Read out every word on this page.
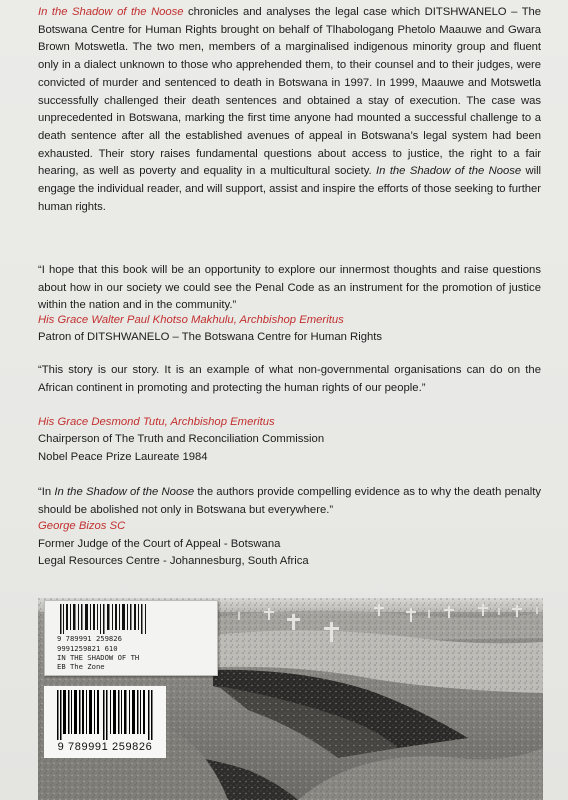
In the Shadow of the Noose chronicles and analyses the legal case which DITSHWANELO – The Botswana Centre for Human Rights brought on behalf of Tlhabologang Phetolo Maauwe and Gwara Brown Motswetla. The two men, members of a marginalised indigenous minority group and fluent only in a dialect unknown to those who apprehended them, to their counsel and to their judges, were convicted of murder and sentenced to death in Botswana in 1997. In 1999, Maauwe and Motswetla successfully challenged their death sentences and obtained a stay of execution. The case was unprecedented in Botswana, marking the first time anyone had mounted a successful challenge to a death sentence after all the established avenues of appeal in Botswana’s legal system had been exhausted. Their story raises fundamental questions about access to justice, the right to a fair hearing, as well as poverty and equality in a multicultural society. In the Shadow of the Noose will engage the individual reader, and will support, assist and inspire the efforts of those seeking to further human rights.

“I hope that this book will be an opportunity to explore our innermost thoughts and raise questions about how in our society we could see the Penal Code as an instrument for the promotion of justice within the nation and in the community.”

His Grace Walter Paul Khotso Makhulu, Archbishop Emeritus
Patron of DITSHWANELO – The Botswana Centre for Human Rights

“This story is our story. It is an example of what non-governmental organisations can do on the African continent in promoting and protecting the human rights of our people.”

His Grace Desmond Tutu, Archbishop Emeritus
Chairperson of The Truth and Reconciliation Commission
Nobel Peace Prize Laureate 1984

“In In the Shadow of the Noose the authors provide compelling evidence as to why the death penalty should be abolished not only in Botswana but everywhere.”

George Bizos SC
Former Judge of the Court of Appeal - Botswana
Legal Resources Centre - Johannesburg, South Africa
9 789991 259826
9991259821 610
IN THE SHADOW OF TH
EB The Zone
9 789991 259826
